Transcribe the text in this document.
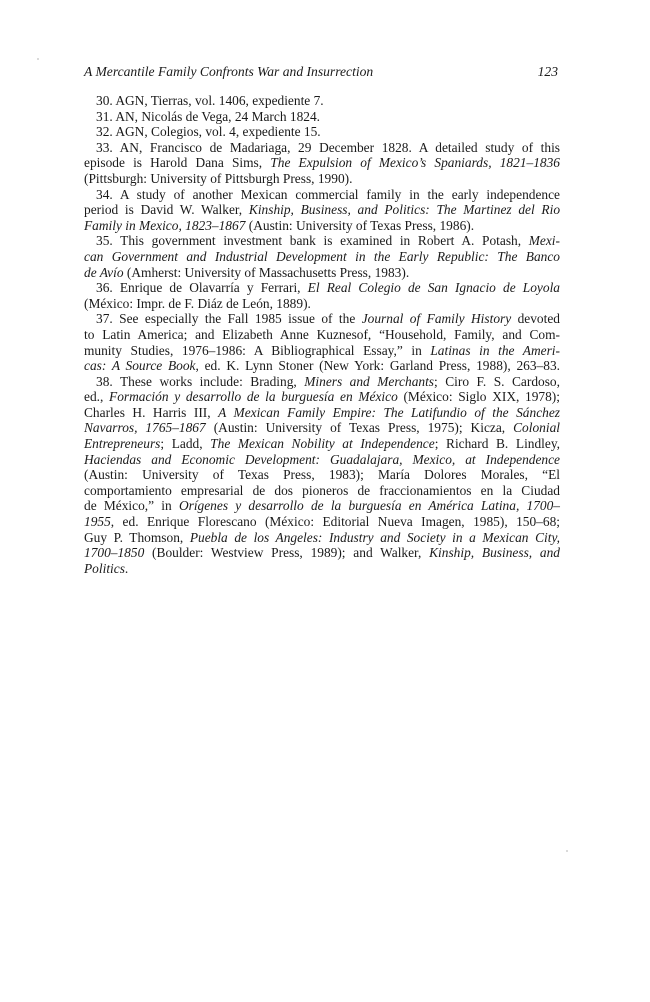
A Mercantile Family Confronts War and Insurrection	123
30. AGN, Tierras, vol. 1406, expediente 7.
31. AN, Nicolás de Vega, 24 March 1824.
32. AGN, Colegios, vol. 4, expediente 15.
33. AN, Francisco de Madariaga, 29 December 1828. A detailed study of this
episode is Harold Dana Sims, The Expulsion of Mexico’s Spaniards, 1821–1836
(Pittsburgh: University of Pittsburgh Press, 1990).
34. A study of another Mexican commercial family in the early independence
period is David W. Walker, Kinship, Business, and Politics: The Martinez del Rio
Family in Mexico, 1823–1867 (Austin: University of Texas Press, 1986).
35. This government investment bank is examined in Robert A. Potash, Mexi-
can Government and Industrial Development in the Early Republic: The Banco
de Avío (Amherst: University of Massachusetts Press, 1983).
36. Enrique de Olavarría y Ferrari, El Real Colegio de San Ignacio de Loyola
(México: Impr. de F. Diáz de León, 1889).
37. See especially the Fall 1985 issue of the Journal of Family History devoted
to Latin America; and Elizabeth Anne Kuznesof, “Household, Family, and Com-
munity Studies, 1976–1986: A Bibliographical Essay,” in Latinas in the Ameri-
cas: A Source Book, ed. K. Lynn Stoner (New York: Garland Press, 1988), 263–83.
38. These works include: Brading, Miners and Merchants; Ciro F. S. Cardoso,
ed., Formación y desarrollo de la burguesía en México (México: Siglo XIX, 1978);
Charles H. Harris III, A Mexican Family Empire: The Latifundio of the Sánchez
Navarros, 1765–1867 (Austin: University of Texas Press, 1975); Kicza, Colonial
Entrepreneurs; Ladd, The Mexican Nobility at Independence; Richard B. Lindley,
Haciendas and Economic Development: Guadalajara, Mexico, at Independence
(Austin: University of Texas Press, 1983); María Dolores Morales, “El
comportamiento empresarial de dos pioneros de fraccionamientos en la Ciudad
de México,” in Orígenes y desarrollo de la burguesía en América Latina, 1700–
1955, ed. Enrique Florescano (México: Editorial Nueva Imagen, 1985), 150–68;
Guy P. Thomson, Puebla de los Angeles: Industry and Society in a Mexican City,
1700–1850 (Boulder: Westview Press, 1989); and Walker, Kinship, Business, and
Politics.
